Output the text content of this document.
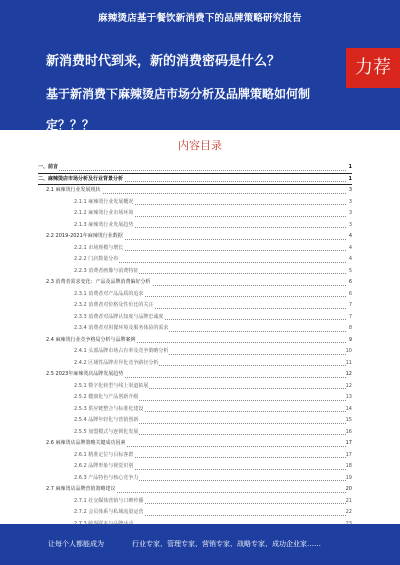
麻辣烫店基于餐饮新消费下的品牌策略研究报告
新消费时代到来，新的消费密码是什么？
基于新消费下麻辣烫店市场分析及品牌策略如何制定？？？
力荐
内容目录
一、前言	1
二、麻辣烫店市场分析及行业背景分析	1
2.1 麻辣烫行业发展现状	3
2.1.1 麻辣烫行业发展概况	3
2.1.2 麻辣烫行业市场环境	3
2.1.3 麻辣烫行业发展趋势	3
2.2 2019-2021年麻辣烫行业数据	4
2.2.1 市场规模与增长	4
2.2.2 门店数量分布	4
2.2.3 消费者画像与消费特征	5
2.3 消费者需求变化：产品及品牌消费偏好分析	6
2.3.1 消费者对产品品质的追求	6
2.3.2 消费者对价格及性价比的关注	7
2.3.3 消费者对品牌认知度与品牌忠诚度	7
2.3.4 消费者对用餐环境及服务体验的需求	8
2.4 麻辣烫行业竞争格局分析与品牌案例	9
2.4.1 头部品牌市场占有率及竞争策略分析	10
2.4.2 区域性品牌差异化竞争路径分析	11
2.5 2023年麻辣烫店品牌发展趋势	12
2.5.1 数字化转型与线上渠道拓展	12
2.5.2 健康化与产品创新升级	13
2.5.3 供应链整合与标准化建设	14
2.5.4 品牌年轻化与营销创新	15
2.5.5 加盟模式与连锁化发展	16
2.6 麻辣烫店品牌策略关键成功因素	17
2.6.1 精准定位与目标客群	17
2.6.2 品牌形象与视觉识别	18
2.6.3 产品特色与核心竞争力	19
2.7 麻辣烫店品牌营销策略建议	20
2.7.1 社交媒体营销与口碑传播	21
2.7.2 会员体系与私域流量运营	22
让每个人都能成为	行业专家、管理专家、营销专家、战略专家、成功企业家……
